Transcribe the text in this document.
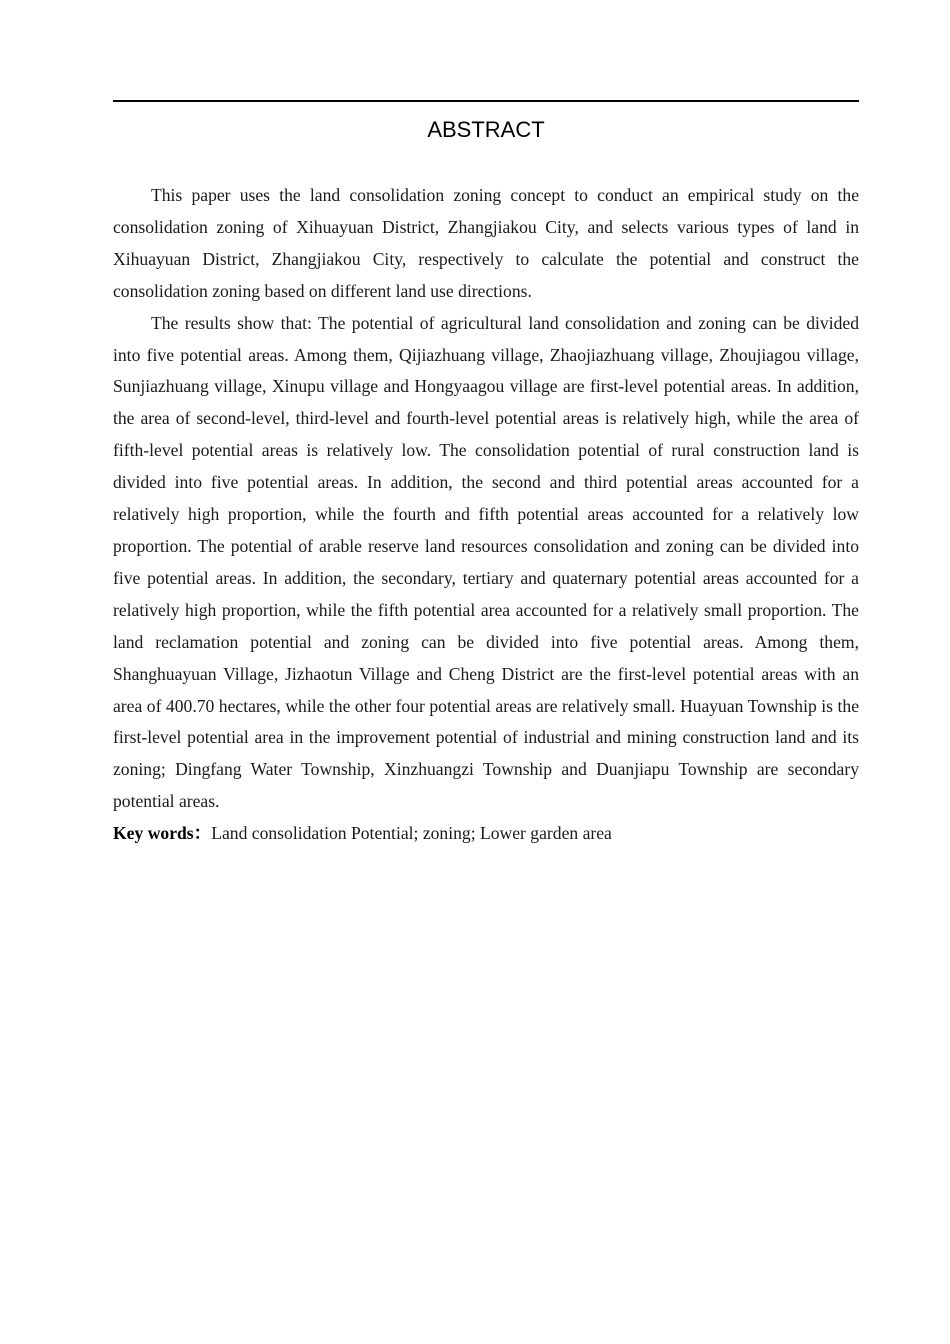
ABSTRACT

This paper uses the land consolidation zoning concept to conduct an empirical study on the consolidation zoning of Xihuayuan District, Zhangjiakou City, and selects various types of land in Xihuayuan District, Zhangjiakou City, respectively to calculate the potential and construct the consolidation zoning based on different land use directions.

The results show that: The potential of agricultural land consolidation and zoning can be divided into five potential areas. Among them, Qijiazhuang village, Zhaojiazhuang village, Zhoujiagou village, Sunjiazhuang village, Xinupu village and Hongyaagou village are first-level potential areas. In addition, the area of second-level, third-level and fourth-level potential areas is relatively high, while the area of fifth-level potential areas is relatively low. The consolidation potential of rural construction land is divided into five potential areas. In addition, the second and third potential areas accounted for a relatively high proportion, while the fourth and fifth potential areas accounted for a relatively low proportion. The potential of arable reserve land resources consolidation and zoning can be divided into five potential areas. In addition, the secondary, tertiary and quaternary potential areas accounted for a relatively high proportion, while the fifth potential area accounted for a relatively small proportion. The land reclamation potential and zoning can be divided into five potential areas. Among them, Shanghuayuan Village, Jizhaotun Village and Cheng District are the first-level potential areas with an area of 400.70 hectares, while the other four potential areas are relatively small. Huayuan Township is the first-level potential area in the improvement potential of industrial and mining construction land and its zoning; Dingfang Water Township, Xinzhuangzi Township and Duanjiapu Township are secondary potential areas.

Key words：Land consolidation Potential; zoning; Lower garden area
